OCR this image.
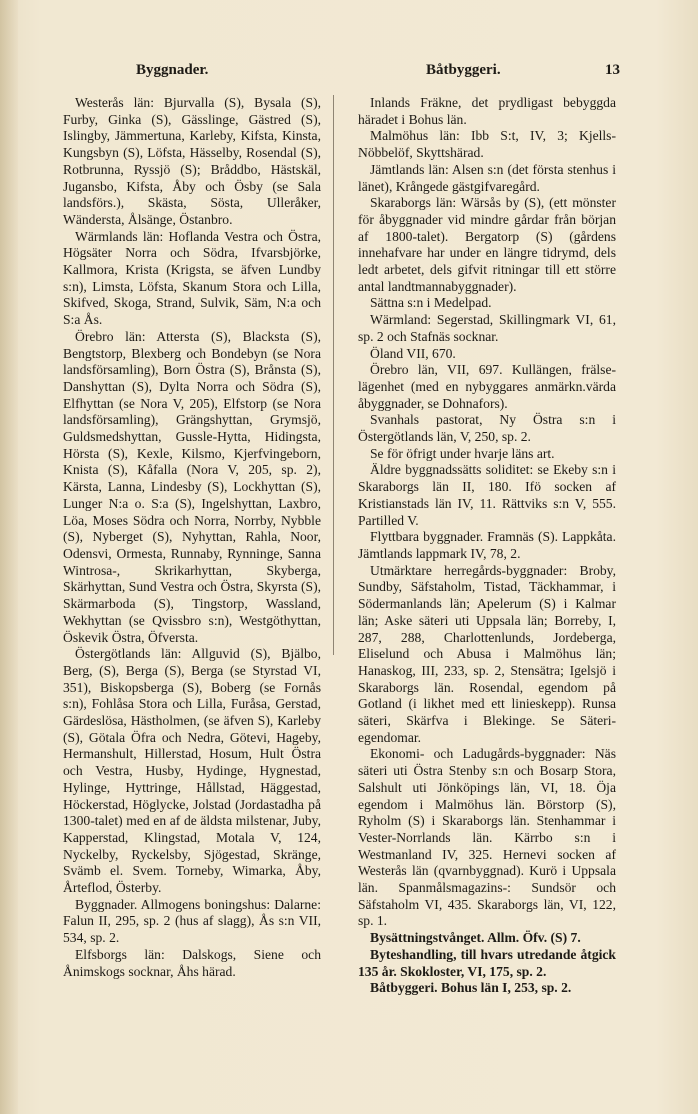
Byggnader.	Båtbyggeri.	13

Westerås län: Bjurvalla (S), Bysala (S), Furby, Ginka (S), Gässlinge, Gästred (S), Islingby, Jämmertuna, Karleby, Kifsta, Kinsta, Kungsbyn (S), Löfsta, Hässelby, Rosendal (S), Rotbrunna, Ryssjö (S); Bråddbo, Hästskäl, Jugansbo, Kifsta, Åby och Ösby (se Sala landsförs.), Skästa, Sösta, Ulleråker, Wändersta, Ålsänge, Östanbro.

Wärmlands län: Hoflanda Vestra och Östra, Högsäter Norra och Södra, Ifvarsbjörke, Kallmora, Krista (Krigsta, se äfven Lundby s:n), Limsta, Löfsta, Skanum Stora och Lilla, Skifved, Skoga, Strand, Sulvik, Säm, N:a och S:a Ås.

Örebro län: Attersta (S), Blacksta (S), Bengtstorp, Blexberg och Bondebyn (se Nora landsförsamling), Born Östra (S), Brånsta (S), Danshyttan (S), Dylta Norra och Södra (S), Elfhyttan (se Nora V, 205), Elfstorp (se Nora landsförsamling), Grängshyttan, Grymsjö, Guldsmedshyttan, Gussle-Hytta, Hidingsta, Hörsta (S), Kexle, Kilsmo, Kjerfvingeborn, Knista (S), Kåfalla (Nora V, 205, sp. 2), Kärsta, Lanna, Lindesby (S), Lockhyttan (S), Lunger N:a o. S:a (S), Ingelshyttan, Laxbro, Löa, Moses Södra och Norra, Norrby, Nybble (S), Nyberget (S), Nyhyttan, Rahla, Noor, Odensvi, Ormesta, Runnaby, Rynninge, Sanna Wintrosa-, Skrikarhyttan, Skyberga, Skärhyttan, Sund Vestra och Östra, Skyrsta (S), Skärmarboda (S), Tingstorp, Wassland, Wekhyttan (se Qvissbro s:n), Westgöthyttan, Öskevik Östra, Öfversta.

Östergötlands län: Allguvid (S), Bjälbo, Berg, (S), Berga (S), Berga (se Styrstad VI, 351), Biskopsberga (S), Boberg (se Fornås s:n), Fohlåsa Stora och Lilla, Furåsa, Gerstad, Gärdeslösa, Hästholmen, (se äfven S), Karleby (S), Götala Öfra och Nedra, Götevi, Hageby, Hermanshult, Hillerstad, Hosum, Hult Östra och Vestra, Husby, Hydinge, Hygnestad, Hylinge, Hyttringe, Hållstad, Häggestad, Höckerstad, Höglycke, Jolstad (Jordastadha på 1300-talet) med en af de äldsta milstenar, Juby, Kapperstad, Klingstad, Motala V, 124, Nyckelby, Ryckelsby, Sjögestad, Skränge, Svämb el. Svem. Torneby, Wimarka, Åby, Årteflod, Österby.

Byggnader. Allmogens boningshus: Dalarne: Falun II, 295, sp. 2 (hus af slagg), Ås s:n VII, 534, sp. 2.

Elfsborgs län: Dalskogs, Siene och Ånimskogs socknar, Åhs härad.

Inlands Fräkne, det prydligast bebyggda häradet i Bohus län.

Malmöhus län: Ibb S:t, IV, 3; Kjells-Nöbbelöf, Skyttshärad.

Jämtlands län: Alsen s:n (det första stenhus i länet), Krångede gästgifvaregård.

Skaraborgs län: Wärsås by (S), (ett mönster för åbyggnader vid mindre gårdar från början af 1800-talet). Bergatorp (S) (gårdens innehafvare har under en längre tidrymd, dels ledt arbetet, dels gifvit ritningar till ett större antal landtmannabyggnader).

Sättna s:n i Medelpad.

Wärmland: Segerstad, Skillingmark VI, 61, sp. 2 och Stafnäs socknar.

Öland VII, 670.

Örebro län, VII, 697. Kullängen, frälse-lägenhet (med en nybyggares anmärkn.värda åbyggnader, se Dohnafors).

Svanhals pastorat, Ny Östra s:n i Östergötlands län, V, 250, sp. 2.

Se för öfrigt under hvarje läns art.

Äldre byggnadssätts soliditet: se Ekeby s:n i Skaraborgs län II, 180. Ifö socken af Kristianstads län IV, 11. Rättviks s:n V, 555. Partilled V.

Flyttbara byggnader. Framnäs (S). Lappkåta. Jämtlands lappmark IV, 78, 2.

Utmärktare herregårds-byggnader: Broby, Sundby, Säfstaholm, Tistad, Täckhammar, i Södermanlands län; Apelerum (S) i Kalmar län; Aske säteri uti Uppsala län; Borreby, I, 287, 288, Charlottenlunds, Jordeberga, Eliselund och Abusa i Malmöhus län; Hanaskog, III, 233, sp. 2, Stensätra; Igelsjö i Skaraborgs län. Rosendal, egendom på Gotland (i likhet med ett linieskepp). Runsa säteri, Skärfva i Blekinge. Se Säteri-egendomar.

Ekonomi- och Ladugårds-byggnader: Näs säteri uti Östra Stenby s:n och Bosarp Stora, Salshult uti Jönköpings län, VI, 18. Öja egendom i Malmöhus län. Börstorp (S), Ryholm (S) i Skaraborgs län. Stenhammar i Vester-Norrlands län. Kärrbo s:n i Westmanland IV, 325. Hernevi socken af Westerås län (qvarnbyggnad). Kurö i Uppsala län. Spanmålsmagazins-: Sundsör och Säfstaholm VI, 435. Skaraborgs län, VI, 122, sp. 1.

Bysättningstvånget. Allm. Öfv. (S) 7.

Byteshandling, till hvars utredande åtgick 135 år. Skokloster, VI, 175, sp. 2.

Båtbyggeri. Bohus län I, 253, sp. 2.
